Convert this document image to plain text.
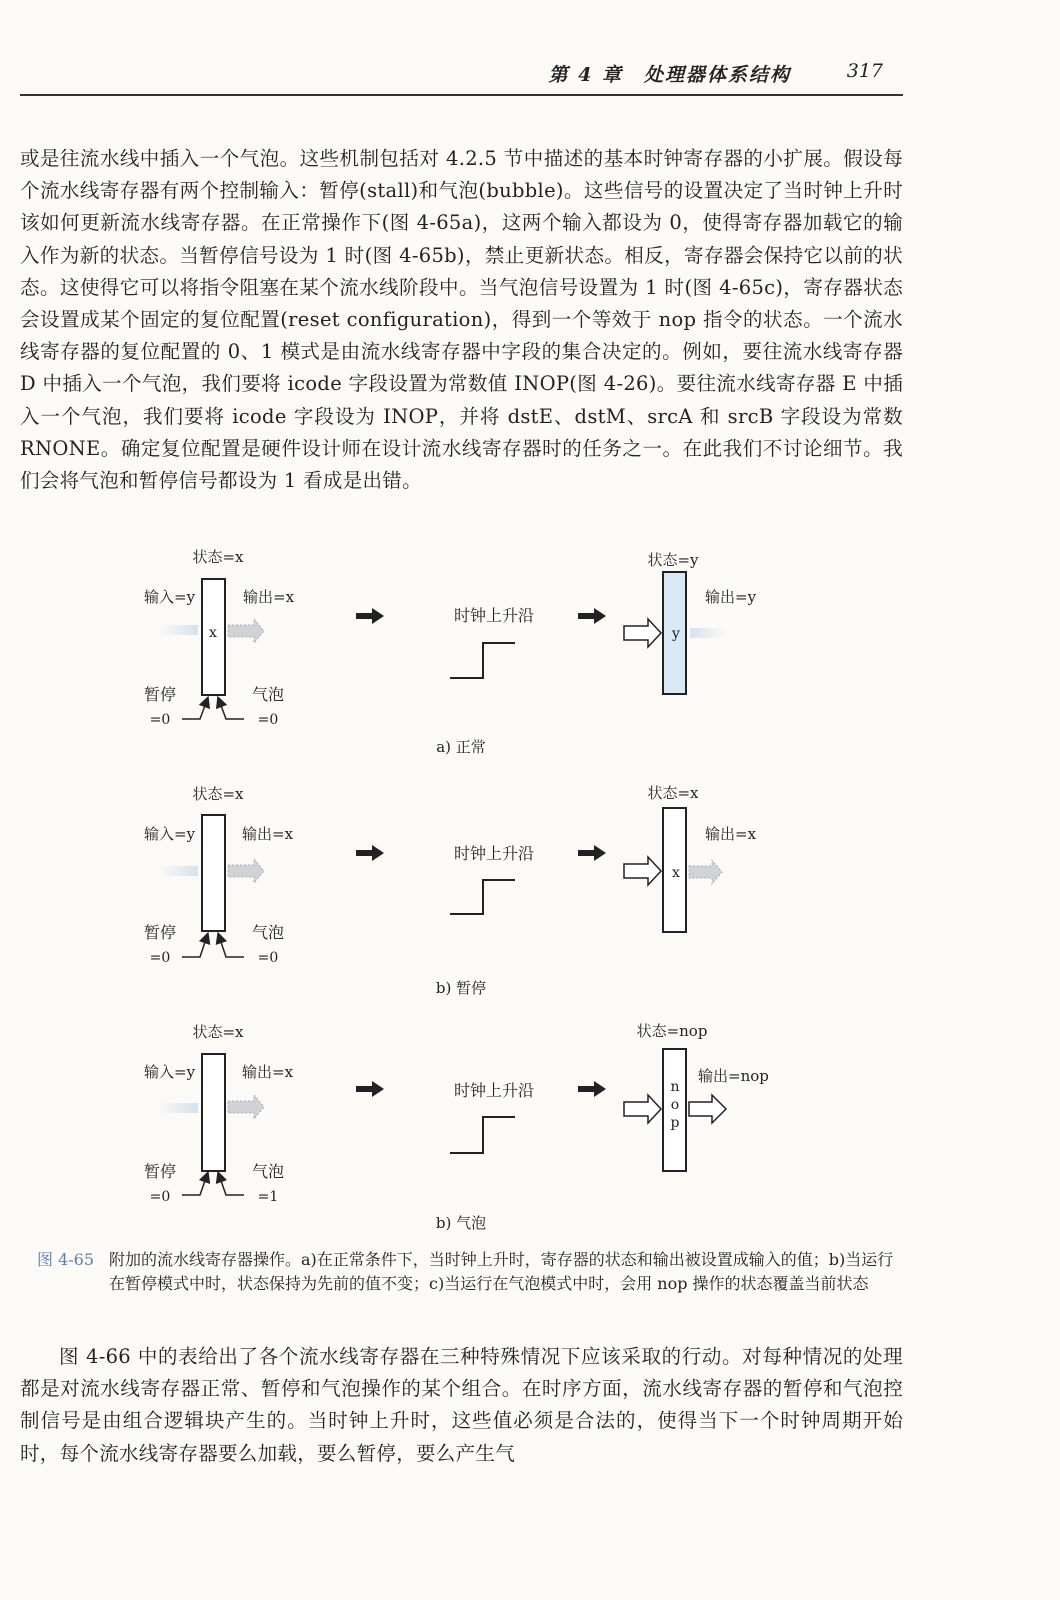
第 4 章　处理器体系结构	317

或是往流水线中插入一个气泡。这些机制包括对 4.2.5 节中描述的基本时钟寄存器的小扩展。假设每个流水线寄存器有两个控制输入：暂停(stall)和气泡(bubble)。这些信号的设置决定了当时钟上升时该如何更新流水线寄存器。在正常操作下(图 4-65a)，这两个输入都设为 0，使得寄存器加载它的输入作为新的状态。当暂停信号设为 1 时(图 4-65b)，禁止更新状态。相反，寄存器会保持它以前的状态。这使得它可以将指令阻塞在某个流水线阶段中。当气泡信号设置为 1 时(图 4-65c)，寄存器状态会设置成某个固定的复位配置(reset configuration)，得到一个等效于 nop 指令的状态。一个流水线寄存器的复位配置的 0、1 模式是由流水线寄存器中字段的集合决定的。例如，要往流水线寄存器 D 中插入一个气泡，我们要将 icode 字段设置为常数值 INOP(图 4-26)。要往流水线寄存器 E 中插入一个气泡，我们要将 icode 字段设为 INOP，并将 dstE、dstM、srcA 和 srcB 字段设为常数 RNONE。确定复位配置是硬件设计师在设计流水线寄存器时的任务之一。在此我们不讨论细节。我们会将气泡和暂停信号都设为 1 看成是出错。

状态=x
输入=y	输出=x
x
暂停
=0
气泡
=0
时钟上升沿
状态=y
输出=y
y
a) 正常
状态=x
输入=y	输出=x
暂停
=0
气泡
=0
时钟上升沿
状态=x
输出=x
x
b) 暂停
状态=x
输入=y	输出=x
暂停
=0
气泡
=1
时钟上升沿
状态=nop
输出=nop
n o p
b) 气泡
图 4-65 附加的流水线寄存器操作。a)在正常条件下，当时钟上升时，寄存器的状态和输出被设置成输入的值；b)当运行在暂停模式中时，状态保持为先前的值不变；c)当运行在气泡模式中时，会用 nop 操作的状态覆盖当前状态

图 4-66 中的表给出了各个流水线寄存器在三种特殊情况下应该采取的行动。对每种情况的处理都是对流水线寄存器正常、暂停和气泡操作的某个组合。在时序方面，流水线寄存器的暂停和气泡控制信号是由组合逻辑块产生的。当时钟上升时，这些值必须是合法的，使得当下一个时钟周期开始时，每个流水线寄存器要么加载，要么暂停，要么产生气
